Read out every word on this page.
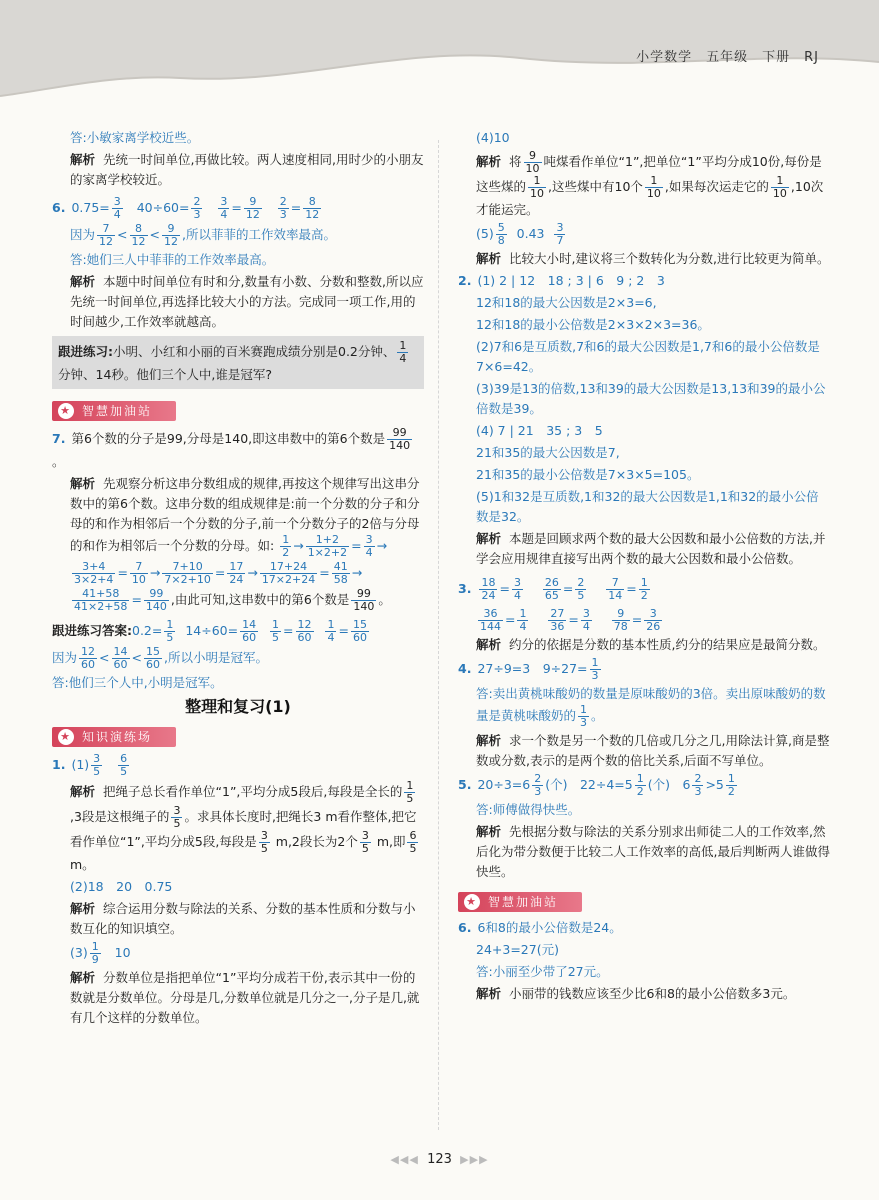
小学数学　五年级　下册　RJ

答:小敏家离学校近些。

解析 先统一时间单位,再做比较。两人速度相同,用时少的小朋友的家离学校较近。

6. $0.75= \frac{3}{4} 40\div 60= \frac{2}{3}$
$\frac{3}{4} = \frac{9}{12}$
$\frac{2}{3} = \frac{8}{12}$

因为 $\frac{7}{12} < \frac{8}{12} < \frac{9}{12}$ ,所以菲菲的工作效率最高。

答:她们三人中菲菲的工作效率最高。

解析 本题中时间单位有时和分,数量有小数、分数和整数,所以应先统一时间单位,再选择比较大小的方法。完成同一项工作,用的时间越少,工作效率就越高。

跟进练习:小明、小红和小丽的百米赛跑成绩分别是0.2分钟、 $\frac{1}{4}$
分钟、14秒。他们三个人中,谁是冠军?
★ 智慧加油站

7. 第6个数的分子是99,分母是140,即这串数中的第6个数是 $\frac{99}{140}$
。

解析 先观察分析这串分数组成的规律,再按这个规律写出这串分数中的第6个数。这串分数的组成规律是:前一个分数的分子和分母的和作为相邻后一个分数的分子,前一个分数分子的2倍与分母的和作为相邻后一个分数的分母。如: $\frac{1}{2} \to \frac{1+2}{1\times 2+2} = \frac{3}{4}$ →

$\frac{3+4}{3\times 2+4} = \frac{7}{10} \to \frac{7+10}{7\times 2+10} = \frac{17}{24} \to \frac{17+24}{17\times 2+24} = \frac{41}{58}$ →

$\frac{41+58}{41\times 2+58} = \frac{99}{140}$ ,由此可知,这串数中的第6个数是 $\frac{99}{140}$ 。

跟进练习答案:0.2= $\frac{1}{5} 14\div 60= \frac{14}{60}$
$\frac{1}{5} = \frac{12}{60}$
$\frac{1}{4} = \frac{15}{60}$

因为 $\frac{12}{60} < \frac{14}{60} < \frac{15}{60}$ ,所以小明是冠军。

答:他们三个人中,小明是冠军。

整理和复习(1)
★ 知识演练场

1. $(1) \frac{3}{5}$
$\frac{6}{5}$

解析 把绳子总长看作单位“1”,平均分成5段后,每段是全长的 $\frac{1}{5}$
,3段是这根绳子的 $\frac{3}{5}$ 。求具体长度时,把绳长3 m看作整体,把它看作单位“1”,平均分成5段,每段是 $\frac{3}{5} m,2$段长为2个 $\frac{3}{5} m$,即 $\frac{6}{5}$
m。

(2)18　20　0.75

解析 综合运用分数与除法的关系、分数的基本性质和分数与小数互化的知识填空。

$(3) \frac{1}{9} 10$

解析 分数单位是指把单位“1”平均分成若干份,表示其中一份的数就是分数单位。分母是几,分数单位就是几分之一,分子是几,就有几个这样的分数单位。

(4)10

解析 将 $\frac{9}{10}$ 吨煤看作单位“1”,把单位“1”平均分成10份,每份是这些煤的 $\frac{1}{10}$ ,这些煤中有10个 $\frac{1}{10}$ ,如果每次运走它的 $\frac{1}{10} ,10$次才能运完。

$(5) \frac{5}{8} 0.43 \frac{3}{7}$

解析 比较大小时,建议将三个数转化为分数,进行比较更为简单。

2. (1) 2 | 12　18 ; 3 | 6　9 ; 2　3

12和18的最大公因数是2×3=6,

12和18的最小公倍数是2×3×2×3=36。

(2)7和6是互质数,7和6的最大公因数是1,7和6的最小公倍数是7×6=42。

(3)39是13的倍数,13和39的最大公因数是13,13和39的最小公倍数是39。

(4) 7 | 21　35 ; 3　5

21和35的最大公因数是7,

21和35的最小公倍数是7×3×5=105。

(5)1和32是互质数,1和32的最大公因数是1,1和32的最小公倍数是32。

解析 本题是回顾求两个数的最大公因数和最小公倍数的方法,并学会应用规律直接写出两个数的最大公因数和最小公倍数。

3. $\frac{18}{24} = \frac{3}{4}$
$\frac{26}{65} = \frac{2}{5}$
$\frac{7}{14} = \frac{1}{2}$

$\frac{36}{144} = \frac{1}{4}$
$\frac{27}{36} = \frac{3}{4}$
$\frac{9}{78} = \frac{3}{26}$

解析 约分的依据是分数的基本性质,约分的结果应是最简分数。

4. 27÷9=3　$9\div 27= \frac{1}{3}$

答:卖出黄桃味酸奶的数量是原味酸奶的3倍。卖出原味酸奶的数量是黄桃味酸奶的 $\frac{1}{3}$ 。

解析 求一个数是另一个数的几倍或几分之几,用除法计算,商是整数或分数,表示的是两个数的倍比关系,后面不写单位。

5. $20\div 3=6 \frac{2}{3}$ (个)　$22\div 4=5 \frac{1}{2}$ (个)　$6 \frac{2}{3} >5 \frac{1}{2}$

答:师傅做得快些。

解析 先根据分数与除法的关系分别求出师徒二人的工作效率,然后化为带分数便于比较二人工作效率的高低,最后判断两人谁做得快些。

★ 智慧加油站

6. 6和8的最小公倍数是24。

24+3=27(元)

答:小丽至少带了27元。

解析 小丽带的钱数应该至少比6和8的最小公倍数多3元。

◀◀◀ 123 ▶▶▶
